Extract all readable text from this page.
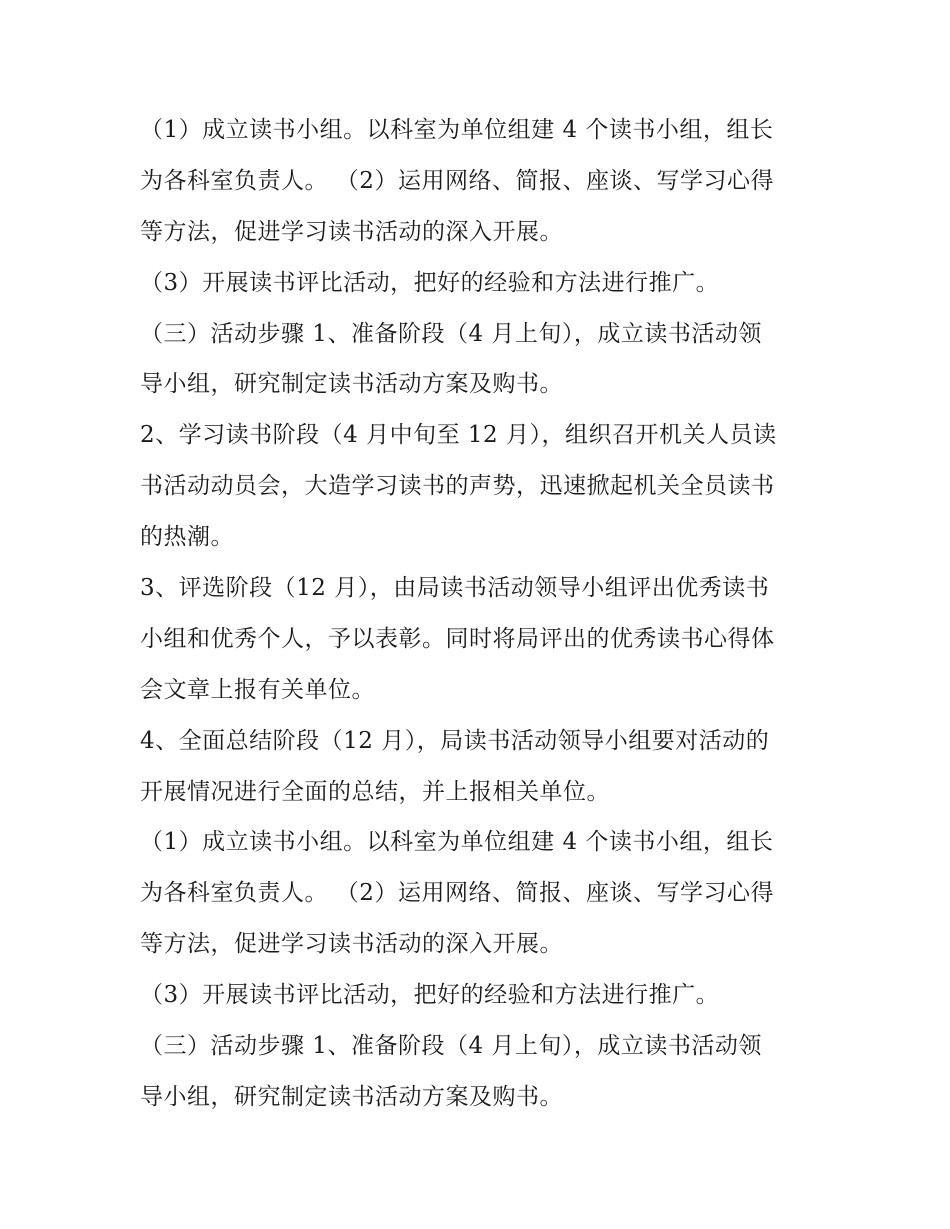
（1）成立读书小组。以科室为单位组建 4 个读书小组，组长
为各科室负责人。 （2）运用网络、简报、座谈、写学习心得
等方法，促进学习读书活动的深入开展。
（3）开展读书评比活动，把好的经验和方法进行推广。
（三）活动步骤 1、准备阶段（4 月上旬），成立读书活动领
导小组，研究制定读书活动方案及购书。
2、学习读书阶段（4 月中旬至 12 月），组织召开机关人员读
书活动动员会，大造学习读书的声势，迅速掀起机关全员读书
的热潮。
3、评选阶段（12 月），由局读书活动领导小组评出优秀读书
小组和优秀个人，予以表彰。同时将局评出的优秀读书心得体
会文章上报有关单位。
4、全面总结阶段（12 月），局读书活动领导小组要对活动的
开展情况进行全面的总结，并上报相关单位。
（1）成立读书小组。以科室为单位组建 4 个读书小组，组长
为各科室负责人。 （2）运用网络、简报、座谈、写学习心得
等方法，促进学习读书活动的深入开展。
（3）开展读书评比活动，把好的经验和方法进行推广。
（三）活动步骤 1、准备阶段（4 月上旬），成立读书活动领
导小组，研究制定读书活动方案及购书。
